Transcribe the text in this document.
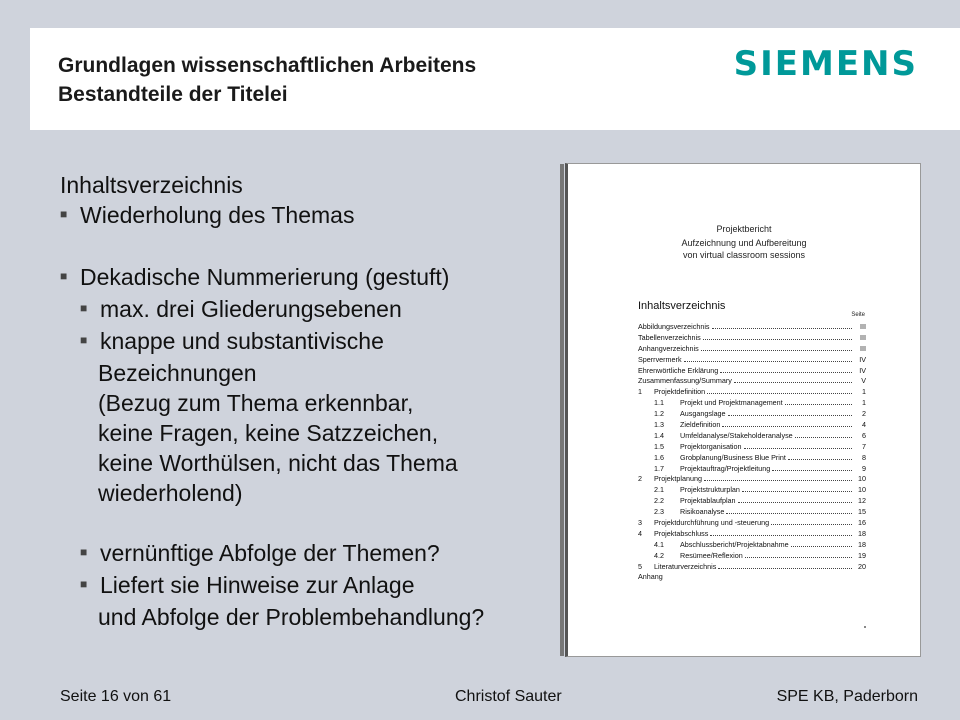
Grundlagen wissenschaftlichen Arbeitens
Bestandteile der Titelei
SIEMENS
Inhaltsverzeichnis
■ Wiederholung des Themas
■ Dekadische Nummerierung (gestuft)
■ max. drei Gliederungsebenen
■ knappe und substantivische
Bezeichnungen
(Bezug zum Thema erkennbar,
keine Fragen, keine Satzzeichen,
keine Worthülsen, nicht das Thema
wiederholend)
■ vernünftige Abfolge der Themen?
■ Liefert sie Hinweise zur Anlage
und Abfolge der Problembehandlung?
Projektbericht
Aufzeichnung und Aufbereitung
von virtual classroom sessions
Inhaltsverzeichnis
Seite
Abbildungsverzeichnis	III
Tabellenverzeichnis	III
Anhangverzeichnis	III
Sperrvermerk	IV
Ehrenwörtliche Erklärung	IV
Zusammenfassung/Summary	V
1 Projektdefinition	1
1.1 Projekt und Projektmanagement	1
1.2 Ausgangslage	2
1.3 Zieldefinition	4
1.4 Umfeldanalyse/Stakeholderanalyse	6
1.5 Projektorganisation	7
1.6 Grobplanung/Business Blue Print	8
1.7 Projektauftrag/Projektleitung	9
2 Projektplanung	10
2.1 Projektstrukturplan	10
2.2 Projektablaufplan	12
2.3 Risikoanalyse	15
3 Projektdurchführung und -steuerung	16
4 Projektabschluss	18
4.1 Abschlussbericht/Projektabnahme	18
4.2 Resümee/Reflexion	19
5 Literaturverzeichnis	20
Anhang
Seite 16 von 61	Christof Sauter	SPE KB, Paderborn
